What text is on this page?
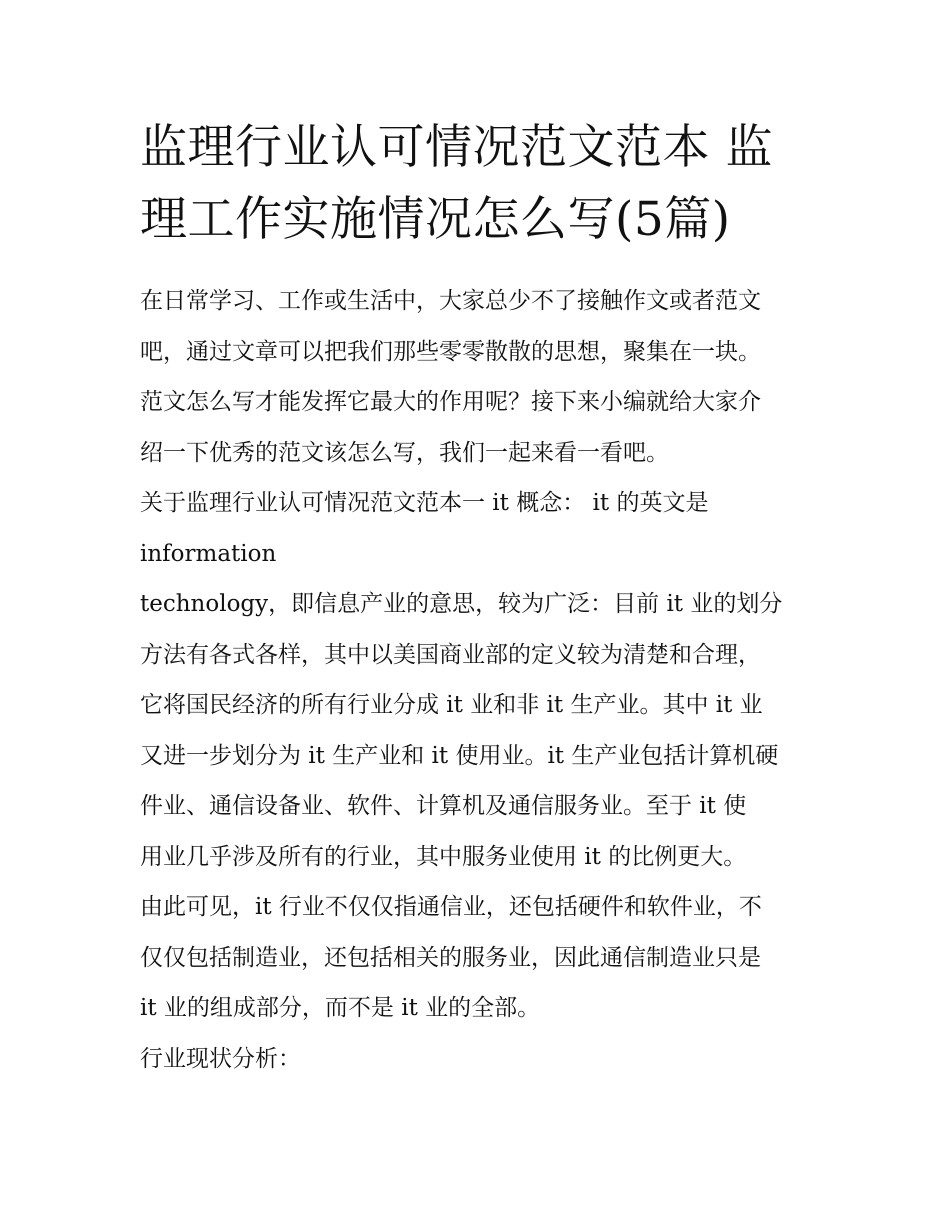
监理行业认可情况范文范本 监
理工作实施情况怎么写(5篇)

在日常学习、工作或生活中，大家总少不了接触作文或者范文

吧，通过文章可以把我们那些零零散散的思想，聚集在一块。

范文怎么写才能发挥它最大的作用呢？接下来小编就给大家介

绍一下优秀的范文该怎么写，我们一起来看一看吧。

关于监理行业认可情况范文范本一 it 概念： it 的英文是

information

technology，即信息产业的意思，较为广泛：目前 it 业的划分

方法有各式各样，其中以美国商业部的定义较为清楚和合理，

它将国民经济的所有行业分成 it 业和非 it 生产业。其中 it 业

又进一步划分为 it 生产业和 it 使用业。it 生产业包括计算机硬

件业、通信设备业、软件、计算机及通信服务业。至于 it 使

用业几乎涉及所有的行业，其中服务业使用 it 的比例更大。

由此可见，it 行业不仅仅指通信业，还包括硬件和软件业，不

仅仅包括制造业，还包括相关的服务业，因此通信制造业只是

it 业的组成部分，而不是 it 业的全部。

行业现状分析：
